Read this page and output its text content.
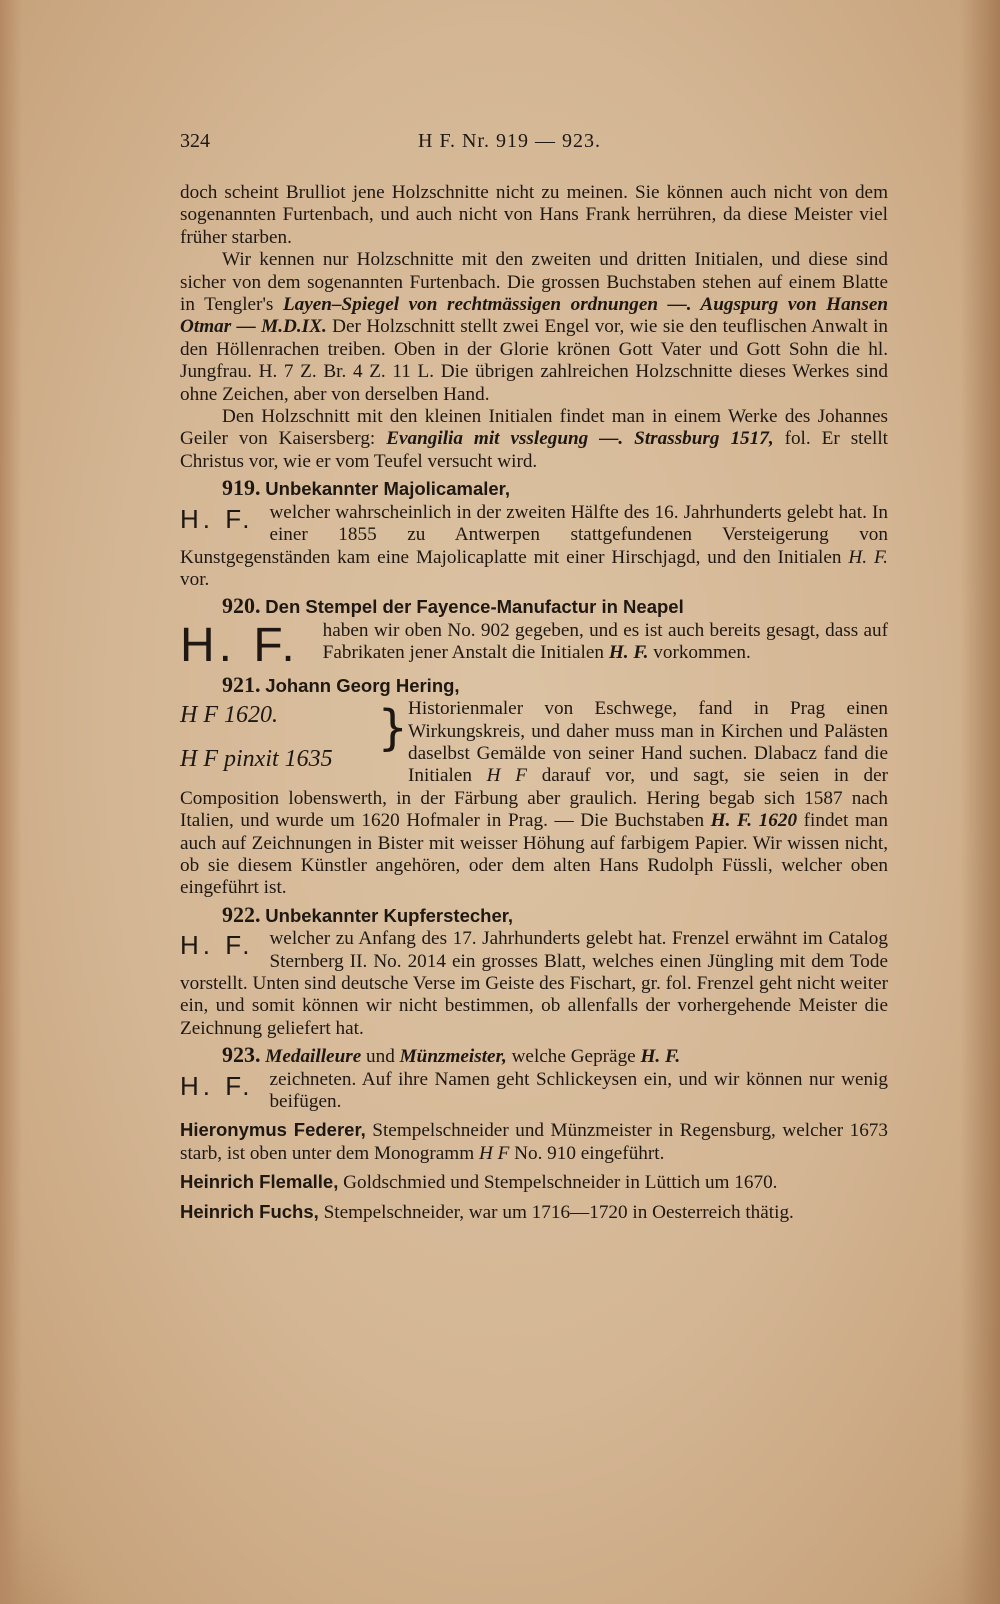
324	H F. Nr. 919 — 923.

doch scheint Brulliot jene Holzschnitte nicht zu meinen. Sie können auch nicht von dem sogenannten Furtenbach, und auch nicht von Hans Frank herrühren, da diese Meister viel früher starben.

Wir kennen nur Holzschnitte mit den zweiten und dritten Initialen, und diese sind sicher von dem sogenannten Furtenbach. Die grossen Buchstaben stehen auf einem Blatte in Tengler's Layen–Spiegel von rechtmässigen ordnungen —. Augspurg von Hansen Otmar — M.D.IX. Der Holzschnitt stellt zwei Engel vor, wie sie den teuflischen Anwalt in den Höllenrachen treiben. Oben in der Glorie krönen Gott Vater und Gott Sohn die hl. Jungfrau. H. 7 Z. Br. 4 Z. 11 L. Die übrigen zahlreichen Holzschnitte dieses Werkes sind ohne Zeichen, aber von derselben Hand.

Den Holzschnitt mit den kleinen Initialen findet man in einem Werke des Johannes Geiler von Kaisersberg: Evangilia mit vsslegung —. Strassburg 1517, fol. Er stellt Christus vor, wie er vom Teufel versucht wird.

919. Unbekannter Majolicamaler,

H. F. welcher wahrscheinlich in der zweiten Hälfte des 16. Jahrhunderts gelebt hat. In einer 1855 zu Antwerpen stattgefundenen Versteigerung von Kunstgegenständen kam eine Majolicaplatte mit einer Hirschjagd, und den Initialen H. F. vor.

920. Den Stempel der Fayence-Manufactur in Neapel

H. F.	haben wir oben No. 902 gegeben, und es ist auch bereits gesagt, dass auf Fabrikaten jener Anstalt die Initialen H. F. vorkommen.

921. Johann Georg Hering,

}
H F 1620.
H F pinxit 1635

Historienmaler von Eschwege, fand in Prag einen Wirkungskreis, und daher muss man in Kirchen und Palästen daselbst Gemälde von seiner Hand suchen. Dlabacz fand die Initialen H F darauf vor, und sagt, sie seien in der Composition lobenswerth, in der Färbung aber graulich. Hering begab sich 1587 nach Italien, und wurde um 1620 Hofmaler in Prag. — Die Buchstaben H. F. 1620 findet man auch auf Zeichnungen in Bister mit weisser Höhung auf farbigem Papier. Wir wissen nicht, ob sie diesem Künstler angehören, oder dem alten Hans Rudolph Füssli, welcher oben eingeführt ist.

922. Unbekannter Kupferstecher,

H. F. welcher zu Anfang des 17. Jahrhunderts gelebt hat. Frenzel erwähnt im Catalog Sternberg II. No. 2014 ein grosses Blatt, welches einen Jüngling mit dem Tode vorstellt. Unten sind deutsche Verse im Geiste des Fischart, gr. fol. Frenzel geht nicht weiter ein, und somit können wir nicht bestimmen, ob allenfalls der vorhergehende Meister die Zeichnung geliefert hat.

923. Medailleure und Münzmeister, welche Gepräge H. F.

H. F. zeichneten. Auf ihre Namen geht Schlickeysen ein, und wir können nur wenig beifügen.

Hieronymus Federer, Stempelschneider und Münzmeister in Regensburg, welcher 1673 starb, ist oben unter dem Monogramm H F No. 910 eingeführt.

Heinrich Flemalle, Goldschmied und Stempelschneider in Lüttich um 1670.

Heinrich Fuchs, Stempelschneider, war um 1716—1720 in Oesterreich thätig.
